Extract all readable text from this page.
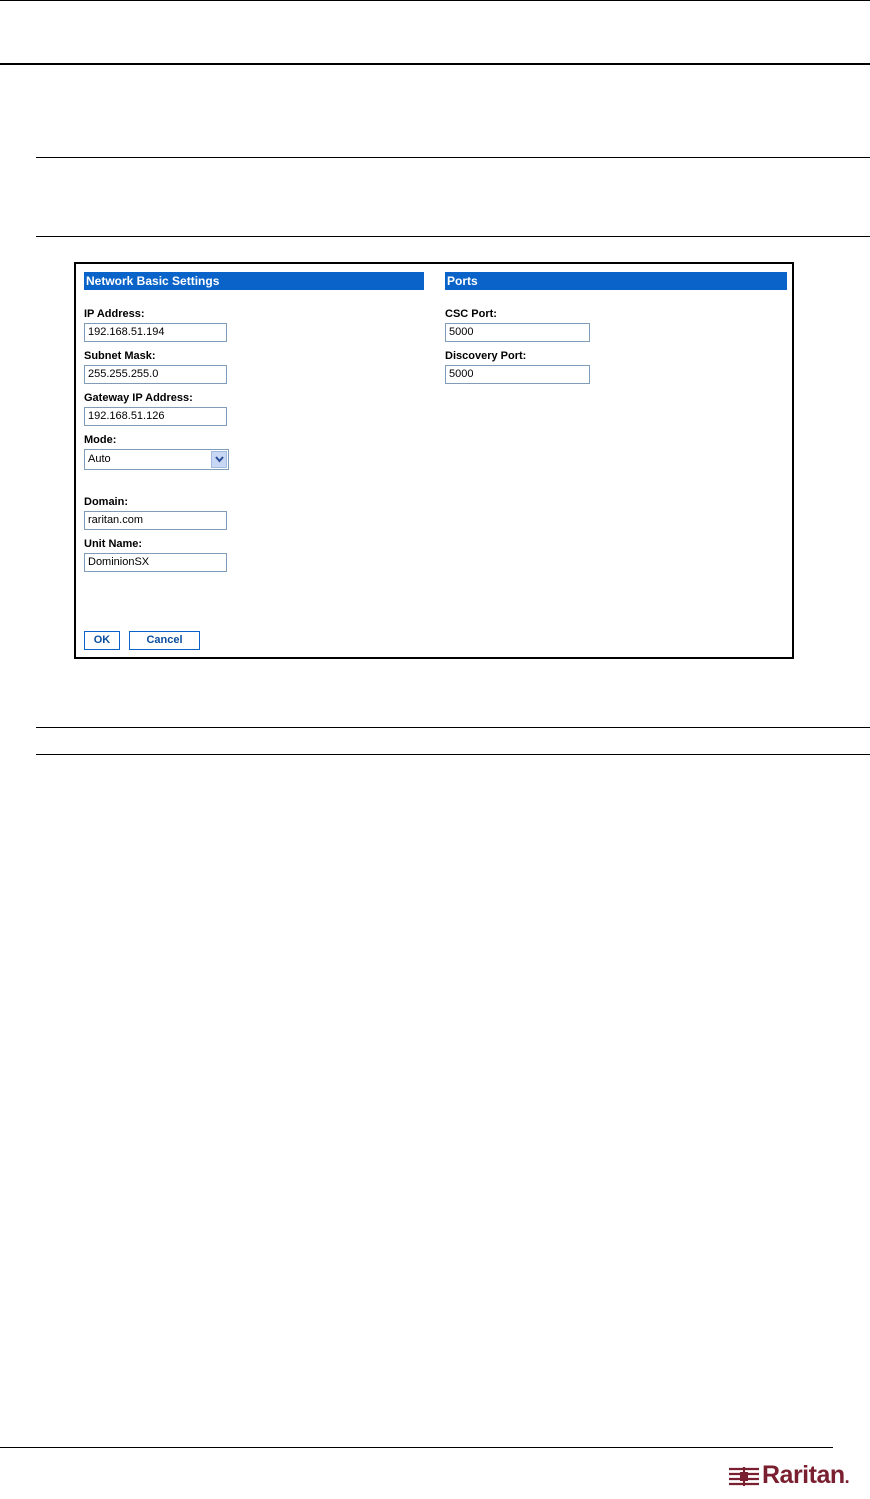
Network Basic Settings
IP Address:
192.168.51.194
Subnet Mask:
255.255.255.0
Gateway IP Address:
192.168.51.126
Mode:
Auto
Domain:
raritan.com
Unit Name:
DominionSX
Ports
CSC Port:
5000
Discovery Port:
5000
OK	Cancel
Raritan.
